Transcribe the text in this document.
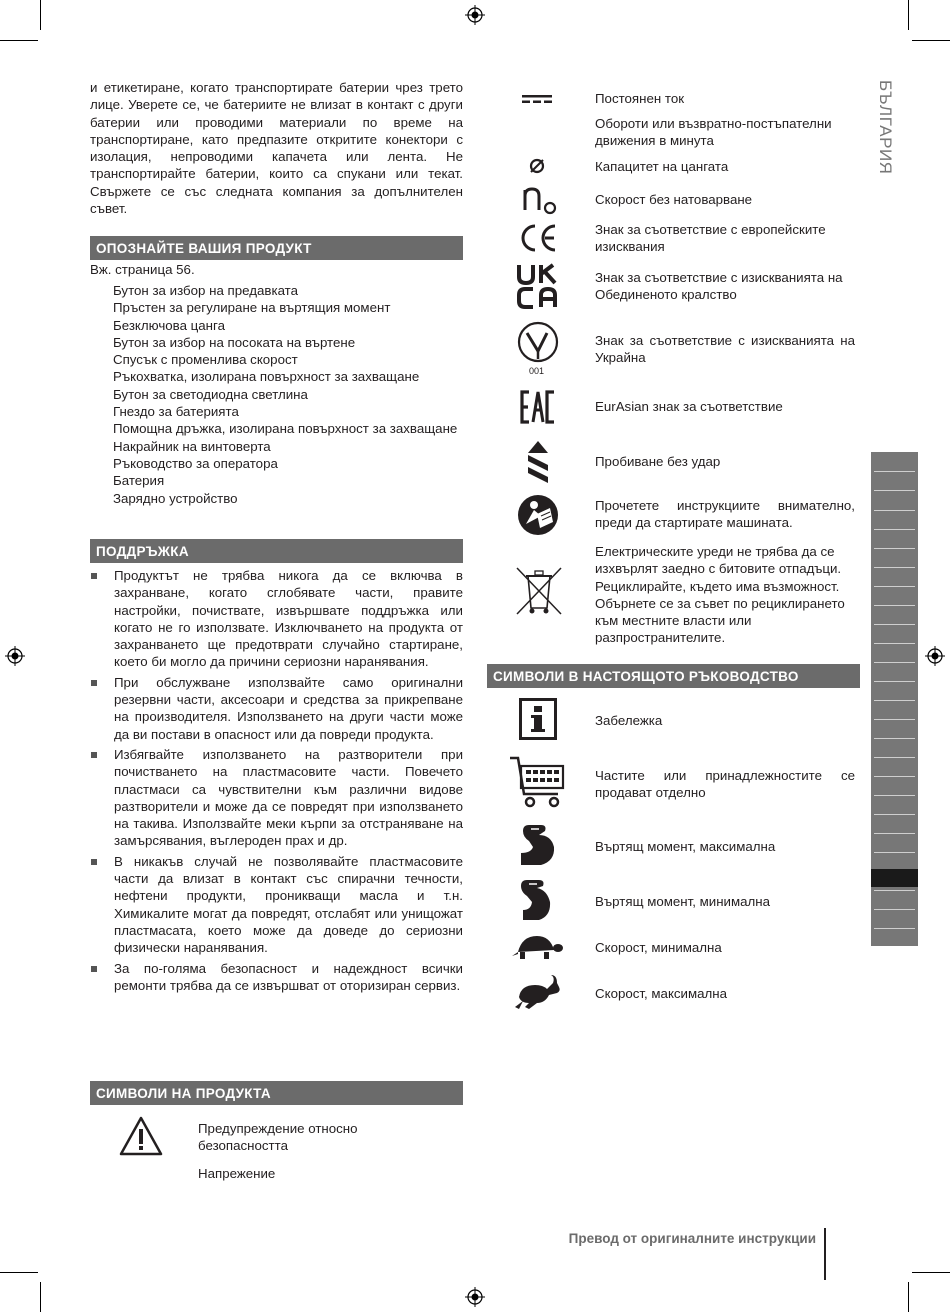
БЪЛГАРИЯ
и етикетиране, когато транспортирате батерии чрез трето лице. Уверете се, че батериите не влизат в контакт с други батерии или проводими материали по време на транспортиране, като предпазите откритите конектори с изолация, непроводими капачета или лента. Не транспортирайте батерии, които са спукани или текат. Свържете се със следната компания за допълнителен съвет.
ОПОЗНАЙТЕ ВАШИЯ ПРОДУКТ
Вж. страница 56.
Бутон за избор на предавката
Пръстен за регулиране на въртящия момент
Безключова цанга
Бутон за избор на посоката на въртене
Спусък с променлива скорост
Ръкохватка, изолирана повърхност за захващане
Бутон за светодиодна светлина
Гнездо за батерията
Помощна дръжка, изолирана повърхност за захващане
Накрайник на винтоверта
Ръководство за оператора
Батерия
Зарядно устройство
ПОДДРЪЖКА
Продуктът не трябва никога да се включва в захранване, когато сглобявате части, правите настройки, почиствате, извършвате поддръжка или когато не го използвате. Изключването на продукта от захранването ще предотврати случайно стартиране, което би могло да причини сериозни наранявания.
При обслужване използвайте само оригинални резервни части, аксесоари и средства за прикрепване на производителя. Използването на други части може да ви постави в опасност или да повреди продукта.
Избягвайте използването на разтворители при почистването на пластмасовите части. Повечето пластмаси са чувствителни към различни видове разтворители и може да се повредят при използването на такива. Използвайте меки кърпи за отстраняване на замърсявания, въглероден прах и др.
В никакъв случай не позволявайте пластмасовите части да влизат в контакт със спирачни течности, нефтени продукти, проникващи масла и т.н. Химикалите могат да повредят, отслабят или унищожат пластмасата, което може да доведе до сериозни физически наранявания.
За по-голяма безопасност и надеждност всички ремонти трябва да се извършват от оторизиран сервиз.
СИМВОЛИ НА ПРОДУКТА
Предупреждение относно безопасността
Напрежение
Постоянен ток
Обороти или възвратно-постъпателни движения в минута
Капацитет на цангата
Скорост без натоварване
Знак за съответствие с европейските изисквания
Знак за съответствие с изискванията на Обединеното кралство
001
Знак за съответствие с изискванията на Украйна
EurAsian знак за съответствие
Пробиване без удар
Прочетете инструкциите внимателно, преди да стартирате машината.
Електрическите уреди не трябва да се изхвърлят заедно с битовите отпадъци. Рециклирайте, където има възможност. Обърнете се за съвет по рециклирането към местните власти или разпространителите.
СИМВОЛИ В НАСТОЯЩОТО РЪКОВОДСТВО
Забележка
Частите или принадлежностите се продават отделно
Въртящ момент, максимална
Въртящ момент, минимална
Скорост, минимална
Скорост, максимална
Превод от оригиналните инструкции
